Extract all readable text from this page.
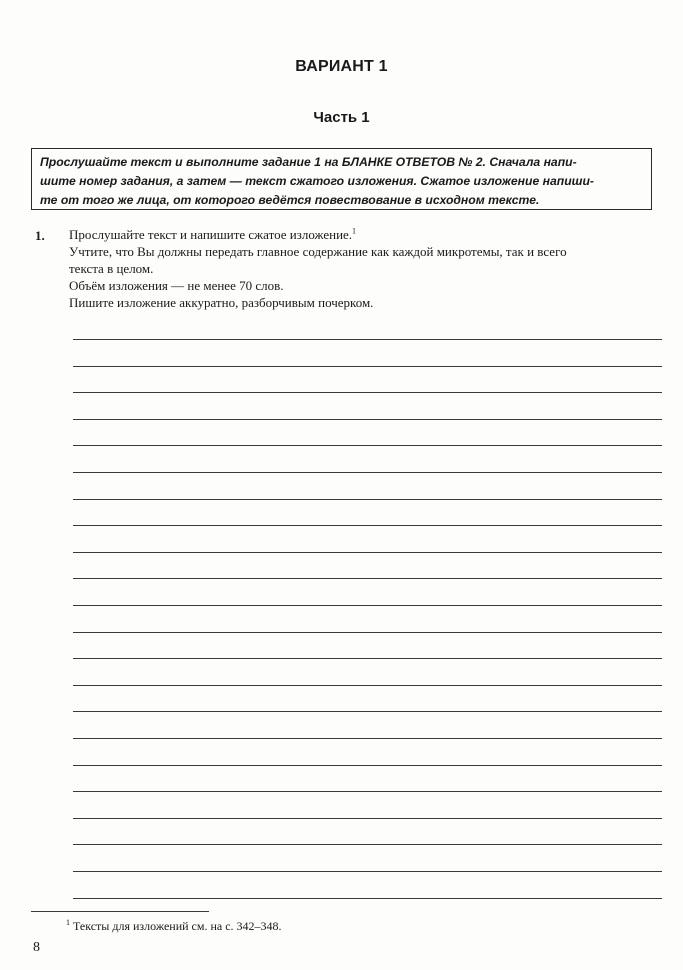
ВАРИАНТ 1
Часть 1

Прослушайте текст и выполните задание 1 на БЛАНКЕ ОТВЕТОВ № 2. Сначала напи-

шите номер задания, а затем — текст сжатого изложения. Сжатое изложение напиши-

те от того же лица, от которого ведётся повествование в исходном тексте.

1. Прослушайте текст и напишите сжатое изложение.$^1$
Учтите, что Вы должны передать главное содержание как каждой микротемы, так и всего
текста в целом.
Объём изложения — не менее 70 слов.
Пишите изложение аккуратно, разборчивым почерком.
$^1$ Тексты для изложений см. на с. 342–348.
8
